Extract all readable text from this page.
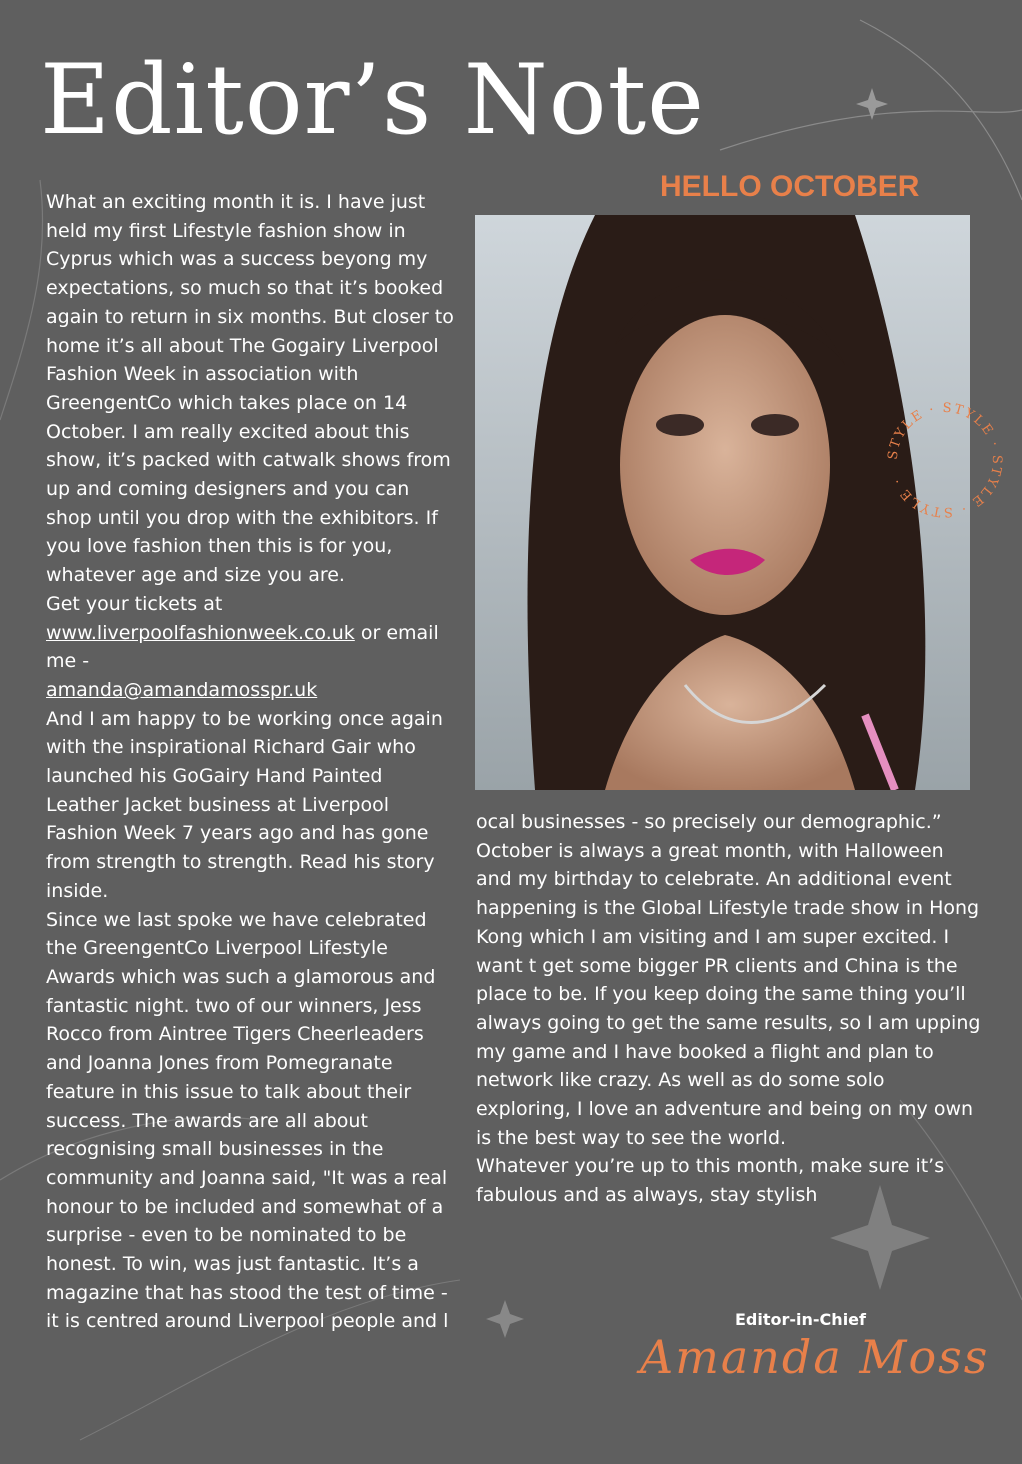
Editor’s Note
HELLO OCTOBER
STYLE · STYLE · STYLE · STYLE ·

What an exciting month it is. I have just held my first Lifestyle fashion show in Cyprus which was a success beyong my expectations, so much so that it’s booked again to return in six months. But closer to home it’s all about The Gogairy Liverpool Fashion Week in association with GreengentCo which takes place on 14 October. I am really excited about this show, it’s packed with catwalk shows from up and coming designers and you can shop until you drop with the exhibitors. If you love fashion then this is for you, whatever age and size you are.

Get your tickets at
www.liverpoolfashionweek.co.uk or email me -
amanda@amandamosspr.uk

And I am happy to be working once again with the inspirational Richard Gair who launched his GoGairy Hand Painted Leather Jacket business at Liverpool Fashion Week 7 years ago and has gone from strength to strength. Read his story inside.

Since we last spoke we have celebrated the GreengentCo Liverpool Lifestyle Awards which was such a glamorous and fantastic night. two of our winners, Jess Rocco from Aintree Tigers Cheerleaders and Joanna Jones from Pomegranate feature in this issue to talk about their success. The awards are all about recognising small businesses in the community and Joanna said, "It was a real honour to be included and somewhat of a surprise - even to be nominated to be honest. To win, was just fantastic. It’s a magazine that has stood the test of time - it is centred around Liverpool people and l

ocal businesses - so precisely our demographic.”

October is always a great month, with Halloween and my birthday to celebrate. An additional event happening is the Global Lifestyle trade show in Hong Kong which I am visiting and I am super excited. I want t get some bigger PR clients and China is the place to be. If you keep doing the same thing you’ll always going to get the same results, so I am upping my game and I have booked a flight and plan to network like crazy. As well as do some solo exploring, I love an adventure and being on my own is the best way to see the world.

Whatever you’re up to this month, make sure it’s fabulous and as always, stay stylish

Editor-in-Chief
Amanda Moss
